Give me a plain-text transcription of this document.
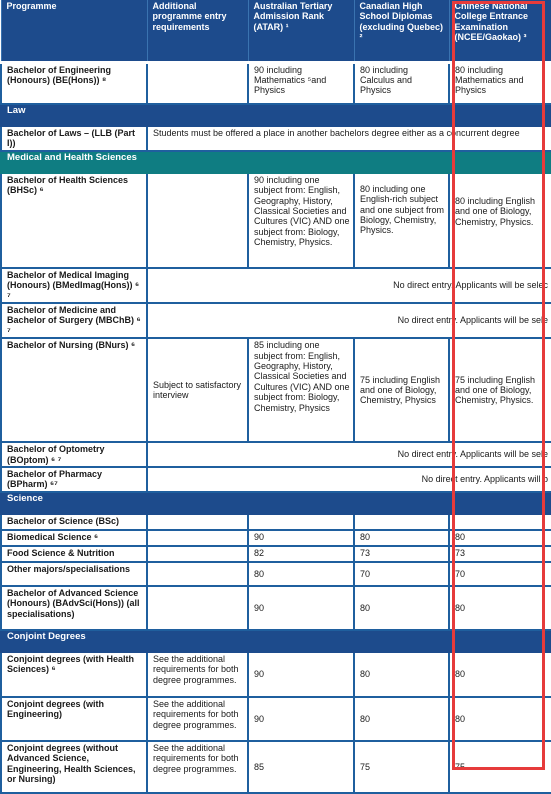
Programme	Additional programme entry requirements	Australian Tertiary Admission Rank (ATAR) ¹	Canadian High School Diplomas (excluding Quebec) ²	Chinese National College Entrance Examination (NCEE/Gaokao) ³
Bachelor of Engineering (Honours) (BE(Hons)) ⁸		90 including Mathematics ⁵and Physics	80 including Calculus and Physics	80 including Mathematics and Physics
Law				
Bachelor of Laws – (LLB (Part I))	Students must be offered a place in another bachelors degree either as a concurrent degree			
Medical and Health Sciences				
Bachelor of Health Sciences (BHSc) ⁶		90 including one subject from: English, Geography, History, Classical Societies and Cultures (VIC) AND one subject from: Biology, Chemistry, Physics.	80 including one English-rich subject and one subject from Biology, Chemistry, Physics.	80 including English and one of Biology, Chemistry, Physics.
Bachelor of Medical Imaging (Honours) (BMedImag(Hons)) ⁶ ⁷	No direct entry. Applicants will be selec			
Bachelor of Medicine and Bachelor of Surgery (MBChB) ⁶ ⁷	No direct entry. Applicants will be sele			
Bachelor of Nursing (BNurs) ⁶	Subject to satisfactory interview	85 including one subject from: English, Geography, History, Classical Societies and Cultures (VIC) AND one subject from: Biology, Chemistry, Physics	75 including English and one of Biology, Chemistry, Physics	75 including English and one of Biology, Chemistry, Physics.
Bachelor of Optometry (BOptom) ⁶ ⁷	No direct entry. Applicants will be sele			
Bachelor of Pharmacy (BPharm) ⁶⁷	No direct entry. Applicants will b			
Science				
Bachelor of Science (BSc)				
Biomedical Science ⁶		90	80	80
Food Science & Nutrition		82	73	73
Other majors/specialisations		80	70	70
Bachelor of Advanced Science (Honours) (BAdvSci(Hons)) (all specialisations)		90	80	80
Conjoint Degrees				
Conjoint degrees (with Health Sciences) ⁶	See the additional requirements for both degree programmes.	90	80	80
Conjoint degrees (with Engineering)	See the additional requirements for both degree programmes.	90	80	80
Conjoint degrees (without Advanced Science, Engineering, Health Sciences, or Nursing)	See the additional requirements for both degree programmes.	85	75	75
